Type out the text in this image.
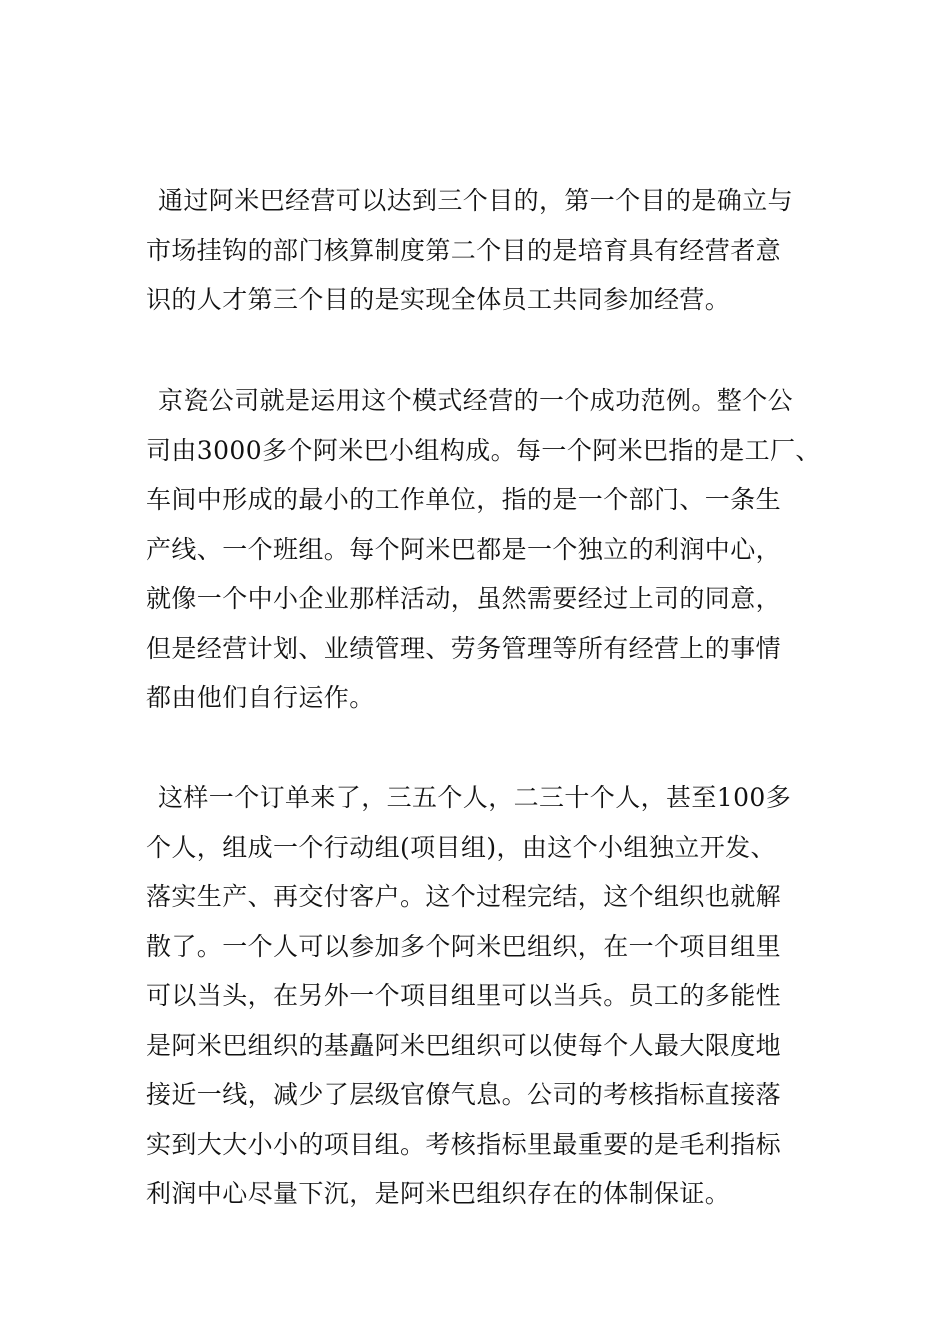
通过阿米巴经营可以达到三个目的，第一个目的是确立与
市场挂钩的部门核算制度第二个目的是培育具有经营者意
识的人才第三个目的是实现全体员工共同参加经营。

京瓷公司就是运用这个模式经营的一个成功范例。整个公
司由3000多个阿米巴小组构成。每一个阿米巴指的是工厂、
车间中形成的最小的工作单位，指的是一个部门、一条生
产线、一个班组。每个阿米巴都是一个独立的利润中心，
就像一个中小企业那样活动，虽然需要经过上司的同意，
但是经营计划、业绩管理、劳务管理等所有经营上的事情
都由他们自行运作。

这样一个订单来了，三五个人，二三十个人，甚至100多
个人，组成一个行动组(项目组)，由这个小组独立开发、
落实生产、再交付客户。这个过程完结，这个组织也就解
散了。一个人可以参加多个阿米巴组织，在一个项目组里
可以当头，在另外一个项目组里可以当兵。员工的多能性
是阿米巴组织的基矗阿米巴组织可以使每个人最大限度地
接近一线，减少了层级官僚气息。公司的考核指标直接落
实到大大小小的项目组。考核指标里最重要的是毛利指标
利润中心尽量下沉，是阿米巴组织存在的体制保证。
